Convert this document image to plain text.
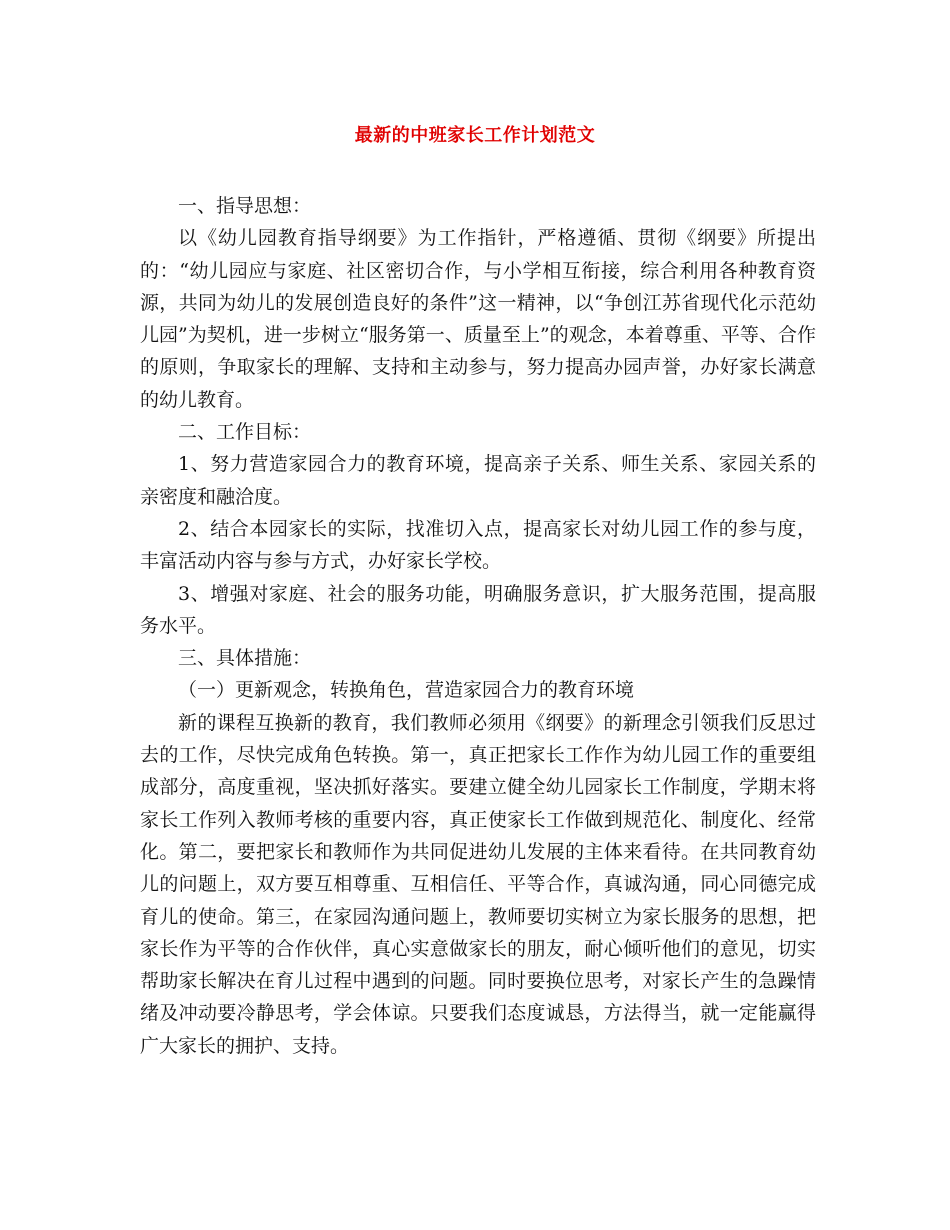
最新的中班家长工作计划范文

一、指导思想：

以《幼儿园教育指导纲要》为工作指针，严格遵循、贯彻《纲要》所提出的：“幼儿园应与家庭、社区密切合作，与小学相互衔接，综合利用各种教育资源，共同为幼儿的发展创造良好的条件”这一精神，以“争创江苏省现代化示范幼儿园”为契机，进一步树立“服务第一、质量至上”的观念，本着尊重、平等、合作的原则，争取家长的理解、支持和主动参与，努力提高办园声誉，办好家长满意的幼儿教育。

二、工作目标：

1、努力营造家园合力的教育环境，提高亲子关系、师生关系、家园关系的亲密度和融洽度。

2、结合本园家长的实际，找准切入点，提高家长对幼儿园工作的参与度，丰富活动内容与参与方式，办好家长学校。

3、增强对家庭、社会的服务功能，明确服务意识，扩大服务范围，提高服务水平。

三、具体措施：

（一）更新观念，转换角色，营造家园合力的教育环境

新的课程互换新的教育，我们教师必须用《纲要》的新理念引领我们反思过去的工作，尽快完成角色转换。第一，真正把家长工作作为幼儿园工作的重要组成部分，高度重视，坚决抓好落实。要建立健全幼儿园家长工作制度，学期末将家长工作列入教师考核的重要内容，真正使家长工作做到规范化、制度化、经常化。第二，要把家长和教师作为共同促进幼儿发展的主体来看待。在共同教育幼儿的问题上，双方要互相尊重、互相信任、平等合作，真诚沟通，同心同德完成育儿的使命。第三，在家园沟通问题上，教师要切实树立为家长服务的思想，把家长作为平等的合作伙伴，真心实意做家长的朋友，耐心倾听他们的意见，切实帮助家长解决在育儿过程中遇到的问题。同时要换位思考，对家长产生的急躁情绪及冲动要冷静思考，学会体谅。只要我们态度诚恳，方法得当，就一定能赢得广大家长的拥护、支持。
